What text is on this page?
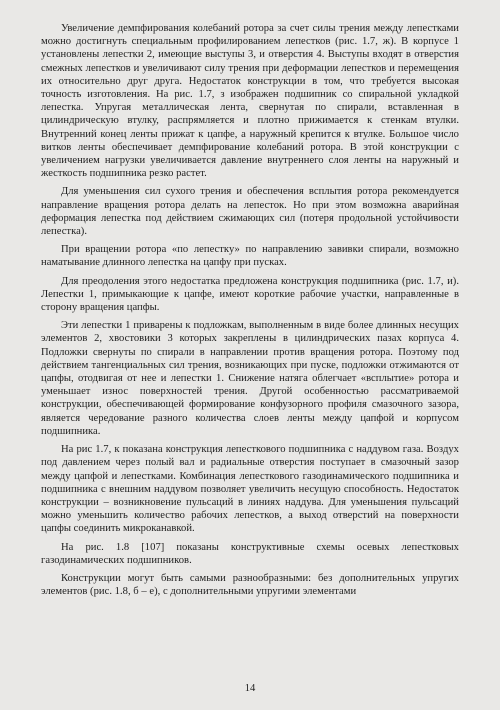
Увеличение демпфирования колебаний ротора за счет силы трения между лепестками можно достигнуть специальным профилированием лепестков (рис. 1.7, ж). В корпусе 1 установлены лепестки 2, имеющие выступы 3, и отверстия 4. Выступы входят в отверстия смежных лепестков и увеличивают силу трения при деформации лепестков и перемещения их относительно друг друга. Недостаток конструкции в том, что требуется высокая точность изготовления. На рис. 1.7, з изображен подшипник со спиральной укладкой лепестка. Упругая металлическая лента, свернутая по спирали, вставленная в цилиндрическую втулку, распрямляется и плотно прижимается к стенкам втулки. Внутренний конец ленты прижат к цапфе, а наружный крепится к втулке. Большое число витков ленты обеспечивает демпфирование колебаний ротора. В этой конструкции с увеличением нагрузки увеличивается давление внутреннего слоя ленты на наружный и жесткость подшипника резко растет.

Для уменьшения сил сухого трения и обеспечения всплытия ротора рекомендуется направление вращения ротора делать на лепесток. Но при этом возможна аварийная деформация лепестка под действием сжимающих сил (потеря продольной устойчивости лепестка).

При вращении ротора «по лепестку» по направлению завивки спирали, возможно наматывание длинного лепестка на цапфу при пусках.

Для преодоления этого недостатка предложена конструкция подшипника (рис. 1.7, и). Лепестки 1, примыкающие к цапфе, имеют короткие рабочие участки, направленные в сторону вращения цапфы.

Эти лепестки 1 приварены к подложкам, выполненным в виде более длинных несущих элементов 2, хвостовики 3 которых закреплены в цилиндрических пазах корпуса 4. Подложки свернуты по спирали в направлении против вращения ротора. Поэтому под действием тангенциальных сил трения, возникающих при пуске, подложки отжимаются от цапфы, отодвигая от нее и лепестки 1. Снижение натяга облегчает «всплытие» ротора и уменьшает износ поверхностей трения. Другой особенностью рассматриваемой конструкции, обеспечивающей формирование конфузорного профиля смазочного зазора, является чередование разного количества слоев ленты между цапфой и корпусом подшипника.

На рис 1.7, к показана конструкция лепесткового подшипника с наддувом газа. Воздух под давлением через полый вал и радиальные отверстия поступает в смазочный зазор между цапфой и лепестками. Комбинация лепесткового газодинамического подшипника и подшипника с внешним наддувом позволяет увеличить несущую способность. Недостаток конструкции – возникновение пульсаций в линиях наддува. Для уменьшения пульсаций можно уменьшить количество рабочих лепестков, а выход отверстий на поверхности цапфы соединить микроканавкой.

На рис. 1.8 [107] показаны конструктивные схемы осевых лепестковых газодинамических подшипников.

Конструкции могут быть самыми разнообразными: без дополнительных упругих элементов (рис. 1.8, б – е), с дополнительными упругими элементами

14
